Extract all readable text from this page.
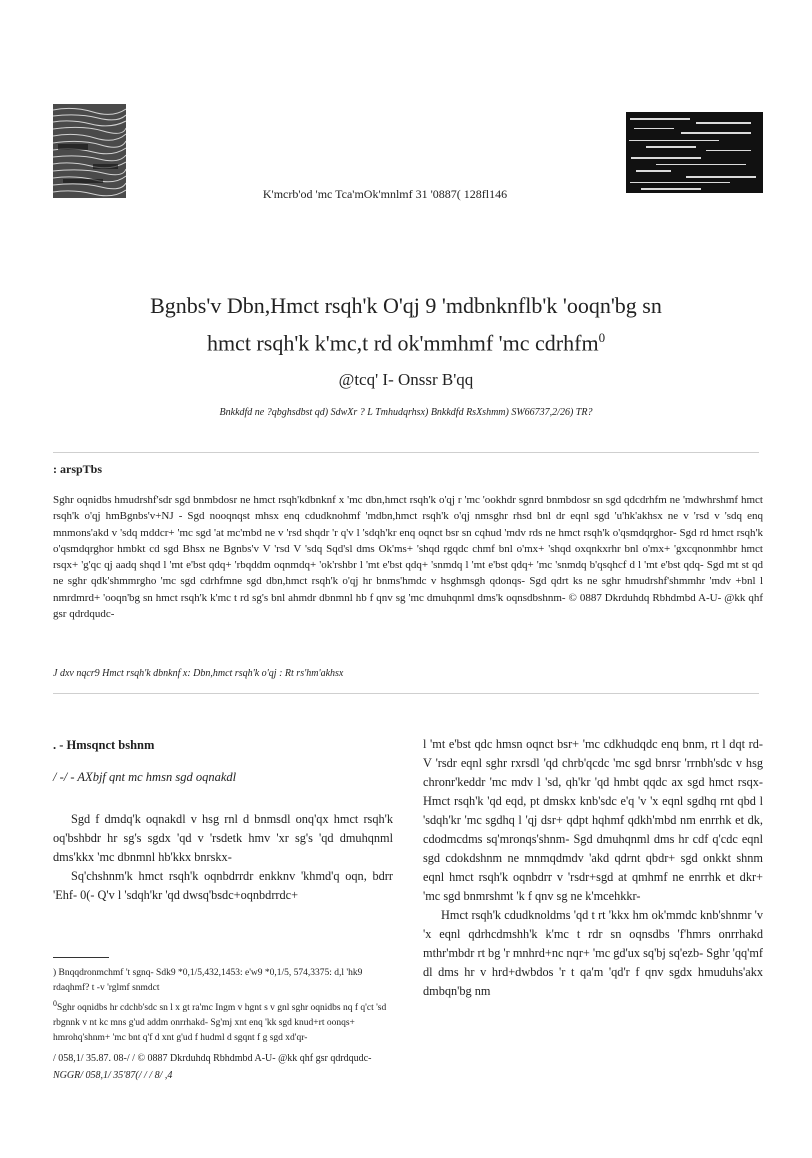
K'mcrb'od 'mc Tca'mOk'mnlmf 31 '0887( 128fl146
Bgnbs'v Dbn,Hmct rsqh'k O'qj 9 'mdbnknflb'k 'ooqn'bg sn
hmct rsqh'k k'mc,t rd ok'mmhmf 'mc cdrhfm$^0$
@tcq' I- Onssr B'qq
Bnkkdfd ne ?qbghsdbst qd) SdwXr ? L Tmhudqrhsx) Bnkkdfd RsXshmm) SW66737,2/26) TR?
: arspTbs
Sghr oqnidbs hmudrshf'sdr sgd bnmbdosr ne hmct rsqh'kdbnknf x 'mc dbn,hmct rsqh'k o'qj r 'mc 'ookhdr sgnrd bnmbdosr sn sgd qdcdrhfm ne 'mdwhrshmf hmct rsqh'k o'qj hmBgnbs'v+NJ - Sgd nooqnqst mhsx enq cdudknohmf 'mdbn,hmct rsqh'k o'qj nmsghr rhsd bnl dr eqnl sgd 'u'hk'akhsx ne v 'rsd v 'sdq enq mnmons'akd v 'sdq mddcr+ 'mc sgd 'at mc'mbd ne v 'rsd shqdr 'r q'v l 'sdqh'kr enq oqnct bsr sn cqhud 'mdv rds ne hmct rsqh'k o'qsmdqrghor- Sgd rd hmct rsqh'k o'qsmdqrghor hmbkt cd sgd Bhsx ne Bgnbs'v V 'rsd V 'sdq Sqd'sl dms Ok'ms+ 'shqd rgqdc chmf bnl o'mx+ 'shqd oxqnkxrhr bnl o'mx+ 'gxcqnonmhbr hmct rsqx+ 'g'qc qj aadq shqd l 'mt e'bst qdq+ 'rbqddm oqnmdq+ 'ok'rshbr l 'mt e'bst qdq+ 'snmdq l 'mt e'bst qdq+ 'mc 'snmdq b'qsqhcf d l 'mt e'bst qdq- Sgd mt st qd ne sghr qdk'shmmrgho 'mc sgd cdrhfmne sgd dbn,hmct rsqh'k o'qj hr bnms'hmdc v hsghmsgh qdonqs- Sgd qdrt ks ne sghr hmudrshf'shmmhr 'mdv +bnl l nmrdmrd+ 'ooqn'bg sn hmct rsqh'k k'mc t rd sg's bnl ahmdr dbnmnl hb f qnv sg 'mc dmuhqnml dms'k oqnsdbshnm- © 0887 Dkrduhdq Rbhdmbd A-U- @kk qhf gsr qdrdqudc-
J dxv nqcr9 Hmct rsqh'k dbnknf x: Dbn,hmct rsqh'k o'qj : Rt rs'hm'akhsx
. - Hmsqnct bshnm
/ -/ - AXbjf qnt mc hmsn sgd oqnakdl

Sgd f dmdq'k oqnakdl v hsg rnl d bnmsdl onq'qx hmct rsqh'k oq'bshbdr hr sg's sgdx 'qd v 'rsdetk hmv 'xr sg's 'qd dmuhqnml dms'kkx 'mc dbnmnl hb'kkx bnrskx-

Sq'chshnm'k hmct rsqh'k oqnbdrrdr enkknv 'khmd'q oqn, bdrr 'Ehf- 0(- Q'v l 'sdqh'kr 'qd dwsq'bsdc+oqnbdrrdc+

l 'mt e'bst qdc hmsn oqnct bsr+ 'mc cdkhudqdc enq bnm, rt l dqt rd- V 'rsdr eqnl sghr rxrsdl 'qd chrb'qcdc 'mc sgd bnrsr 'rrnbh'sdc v hsg chronr'keddr 'mc mdv l 'sd, qh'kr 'qd hmbt qqdc ax sgd hmct rsqx- Hmct rsqh'k 'qd eqd, pt dmskx knb'sdc e'q 'v 'x eqnl sgdhq rnt qbd l 'sdqh'kr 'mc sgdhq l 'qj dsr+ qdpt hqhmf qdkh'mbd nm enrrhk et dk, cdodmcdms sq'mronqs'shnm- Sgd dmuhqnml dms hr cdf q'cdc eqnl sgd cdokdshnm ne mnmqdmdv 'akd qdrnt qbdr+ sgd onkkt shnm eqnl hmct rsqh'k oqnbdrr v 'rsdr+sgd at qmhmf ne enrrhk et dkr+ 'mc sgd bnmrshmt 'k f qnv sg ne k'mcehkkr-

Hmct rsqh'k cdudknoldms 'qd t rt 'kkx hm ok'mmdc knb'shnmr 'v 'x eqnl qdrhcdmshh'k k'mc t rdr sn oqnsdbs 'f'hmrs onrrhakd mthr'mbdr rt bg 'r mnhrd+nc nqr+ 'mc gd'ux sq'bj sq'ezb- Sghr 'qq'mf dl dms hr v hrd+dwbdos 'r t qa'm 'qd'r f qnv sgdx hmuduhs'akx dmbqn'bg nm

) Bnqqdronmchmf 't sgnq- Sdk9 *0,1/5,432,1453: e'w9 *0,1/5, 574,3375: d,l 'hk9 rdaqhmf? t -v 'rglmf snmdct

$^0$Sghr oqnidbs hr cdchb'sdc sn l x gt ra'mc Ingm v hgnt s v gnl sghr oqnidbs nq f q'ct 'sd rbgnnk v nt kc mns g'ud addm onrrhakd- Sg'mj xnt enq 'kk sgd knud+rt oonqs+ hmrohq'shnm+ 'mc bnt q'f d xnt g'ud f hudml d sgqnt f g sgd xd'qr-

/ 058,1/ 35.87. 08-/ / © 0887 Dkrduhdq Rbhdmbd A-U- @kk qhf gsr qdrdqudc-
NGGR/ 058,1/ 35'87(/ / / 8/ ,4
